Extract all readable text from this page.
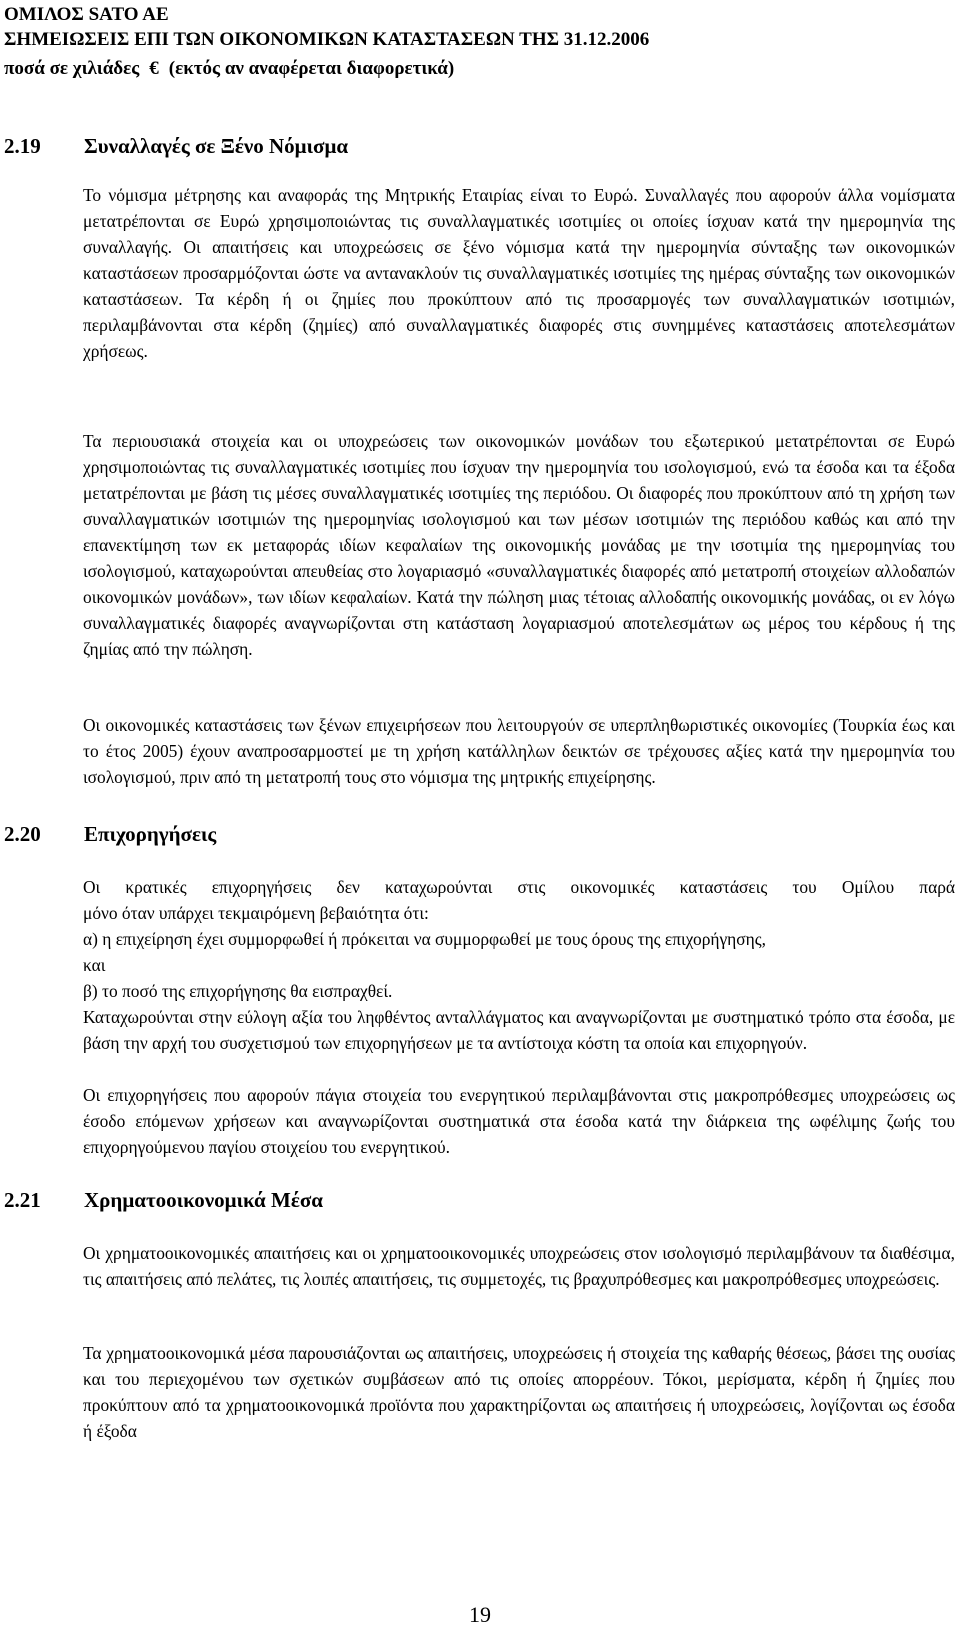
ΟΜΙΛΟΣ SATO AE
ΣΗΜΕΙΩΣΕΙΣ ΕΠΙ ΤΩΝ ΟΙΚΟΝΟΜΙΚΩΝ ΚΑΤΑΣΤΑΣΕΩΝ ΤΗΣ 31.12.2006
ποσά σε χιλιάδες € (εκτός αν αναφέρεται διαφορετικά)
2.19 Συναλλαγές σε Ξένο Νόμισμα

Το νόμισμα μέτρησης και αναφοράς της Μητρικής Εταιρίας είναι το Ευρώ. Συναλλαγές που αφορούν άλλα νομίσματα μετατρέπονται σε Ευρώ χρησιμοποιώντας τις συναλλαγματικές ισοτιμίες οι οποίες ίσχυαν κατά την ημερομηνία της συναλλαγής. Οι απαιτήσεις και υποχρεώσεις σε ξένο νόμισμα κατά την ημερομηνία σύνταξης των οικονομικών καταστάσεων προσαρμόζονται ώστε να αντανακλούν τις συναλλαγματικές ισοτιμίες της ημέρας σύνταξης των οικονομικών καταστάσεων. Τα κέρδη ή οι ζημίες που προκύπτουν από τις προσαρμογές των συναλλαγματικών ισοτιμιών, περιλαμβάνονται στα κέρδη (ζημίες) από συναλλαγματικές διαφορές στις συνημμένες καταστάσεις αποτελεσμάτων χρήσεως.

Τα περιουσιακά στοιχεία και οι υποχρεώσεις των οικονομικών μονάδων του εξωτερικού μετατρέπονται σε Ευρώ χρησιμοποιώντας τις συναλλαγματικές ισοτιμίες που ίσχυαν την ημερομηνία του ισολογισμού, ενώ τα έσοδα και τα έξοδα μετατρέπονται με βάση τις μέσες συναλλαγματικές ισοτιμίες της περιόδου. Οι διαφορές που προκύπτουν από τη χρήση των συναλλαγματικών ισοτιμιών της ημερομηνίας ισολογισμού και των μέσων ισοτιμιών της περιόδου καθώς και από την επανεκτίμηση των εκ μεταφοράς ιδίων κεφαλαίων της οικονομικής μονάδας με την ισοτιμία της ημερομηνίας του ισολογισμού, καταχωρούνται απευθείας στο λογαριασμό «συναλλαγματικές διαφορές από μετατροπή στοιχείων αλλοδαπών οικονομικών μονάδων», των ιδίων κεφαλαίων. Κατά την πώληση μιας τέτοιας αλλοδαπής οικονομικής μονάδας, οι εν λόγω συναλλαγματικές διαφορές αναγνωρίζονται στη κατάσταση λογαριασμού αποτελεσμάτων ως μέρος του κέρδους ή της ζημίας από την πώληση.

Οι οικονομικές καταστάσεις των ξένων επιχειρήσεων που λειτουργούν σε υπερπληθωριστικές οικονομίες (Τουρκία έως και το έτος 2005) έχουν αναπροσαρμοστεί με τη χρήση κατάλληλων δεικτών σε τρέχουσες αξίες κατά την ημερομηνία του ισολογισμού, πριν από τη μετατροπή τους στο νόμισμα της μητρικής επιχείρησης.

2.20 Επιχορηγήσεις
Οι κρατικές επιχορηγήσεις δεν καταχωρούνται στις οικονομικές καταστάσεις του Ομίλου παρά
μόνο όταν υπάρχει τεκμαιρόμενη βεβαιότητα ότι:
α) η επιχείρηση έχει συμμορφωθεί ή πρόκειται να συμμορφωθεί με τους όρους της επιχορήγησης,
και
β) το ποσό της επιχορήγησης θα εισπραχθεί.

Καταχωρούνται στην εύλογη αξία του ληφθέντος ανταλλάγματος και αναγνωρίζονται με συστηματικό τρόπο στα έσοδα, με βάση την αρχή του συσχετισμού των επιχορηγήσεων με τα αντίστοιχα κόστη τα οποία και επιχορηγούν.

Οι επιχορηγήσεις που αφορούν πάγια στοιχεία του ενεργητικού περιλαμβάνονται στις μακροπρόθεσμες υποχρεώσεις ως έσοδο επόμενων χρήσεων και αναγνωρίζονται συστηματικά στα έσοδα κατά την διάρκεια της ωφέλιμης ζωής του επιχορηγούμενου παγίου στοιχείου του ενεργητικού.

2.21 Χρηματοοικονομικά Μέσα

Οι χρηματοοικονομικές απαιτήσεις και οι χρηματοοικονομικές υποχρεώσεις στον ισολογισμό περιλαμβάνουν τα διαθέσιμα, τις απαιτήσεις από πελάτες, τις λοιπές απαιτήσεις, τις συμμετοχές, τις βραχυπρόθεσμες και μακροπρόθεσμες υποχρεώσεις.

Τα χρηματοοικονομικά μέσα παρουσιάζονται ως απαιτήσεις, υποχρεώσεις ή στοιχεία της καθαρής θέσεως, βάσει της ουσίας και του περιεχομένου των σχετικών συμβάσεων από τις οποίες απορρέουν. Τόκοι, μερίσματα, κέρδη ή ζημίες που προκύπτουν από τα χρηματοοικονομικά προϊόντα που χαρακτηρίζονται ως απαιτήσεις ή υποχρεώσεις, λογίζονται ως έσοδα ή έξοδα

19
